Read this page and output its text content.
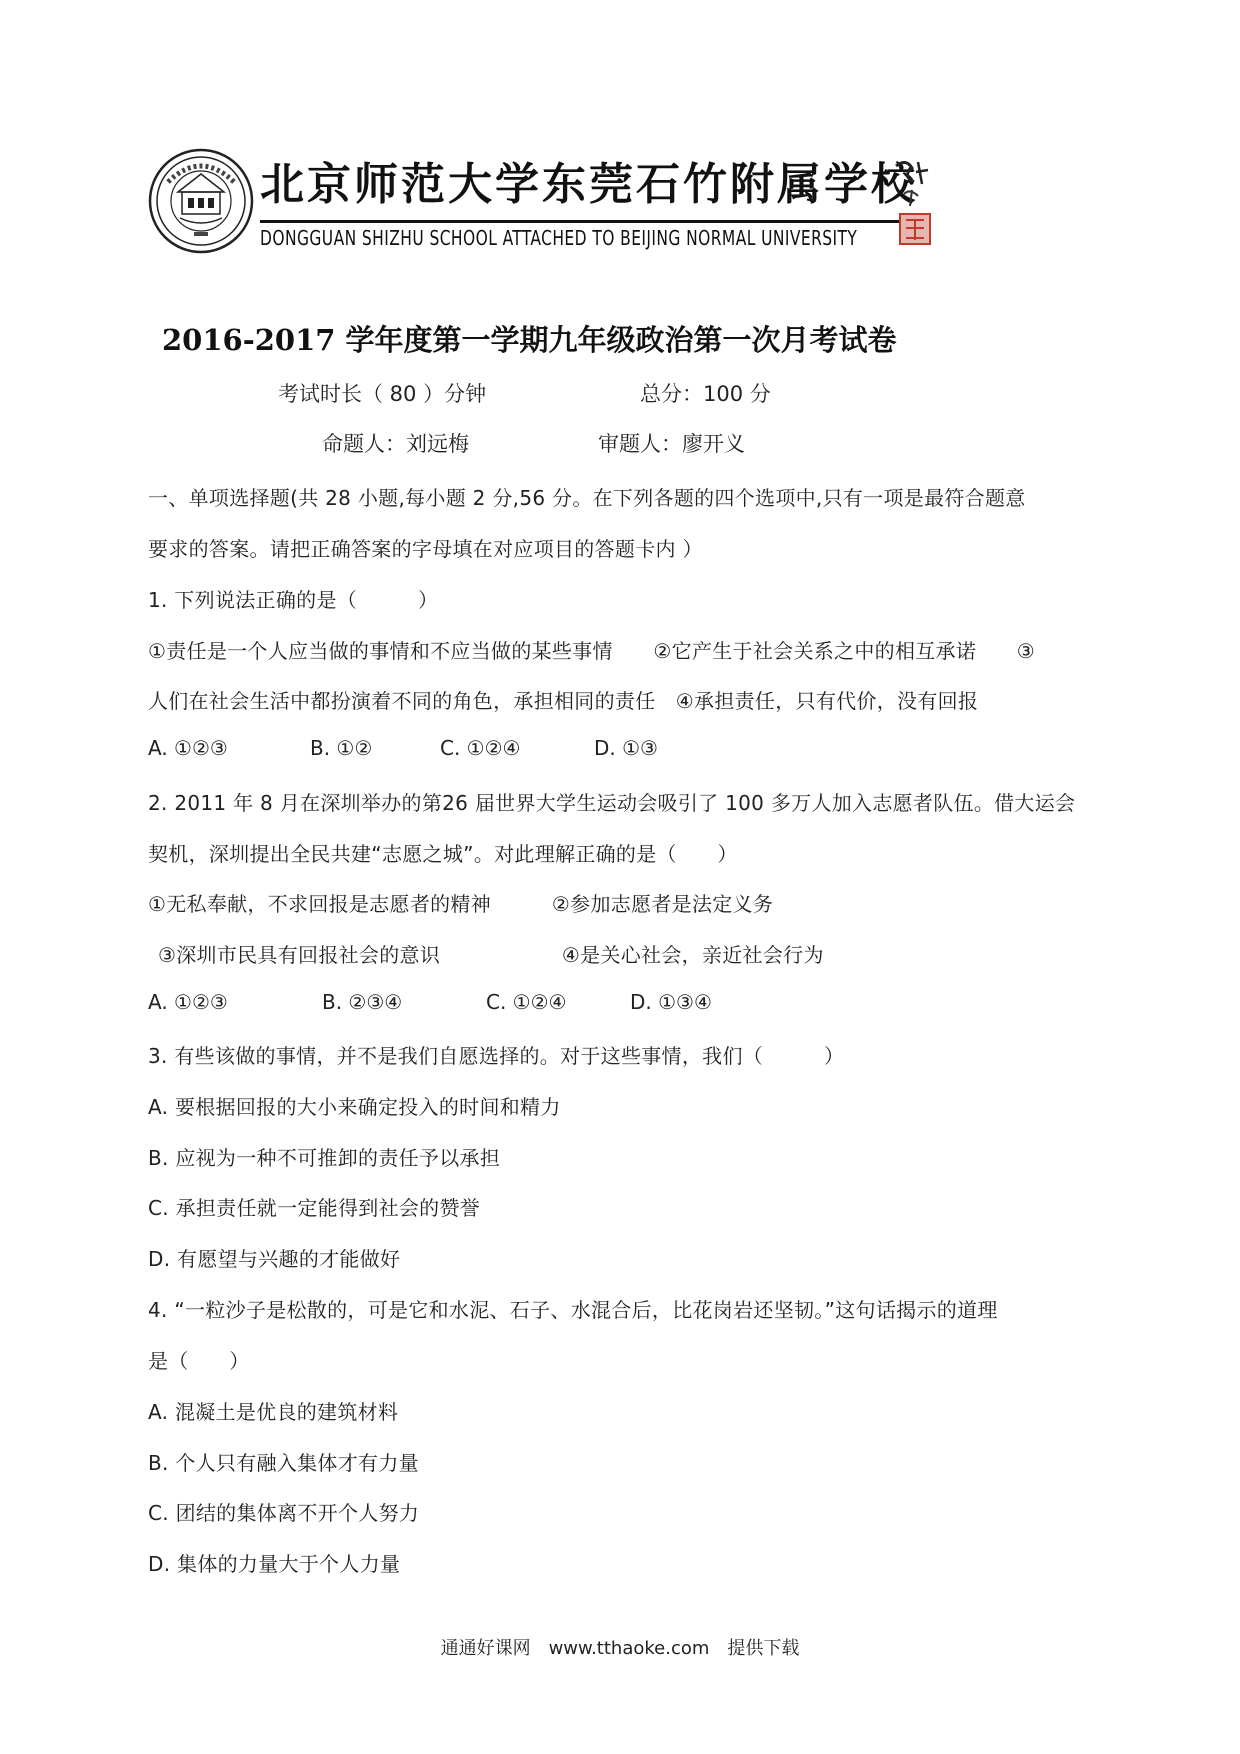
北京师范大学东莞石竹附属学校
DONGGUAN SHIZHU SCHOOL ATTACHED TO BEIJING NORMAL UNIVERSITY
2016-2017 学年度第一学期九年级政治第一次月考试卷
考试时长（ 80 ）分钟	总分：100 分
命题人：刘远梅	审题人：廖开义
一、单项选择题(共 28 小题,每小题 2 分,56 分。在下列各题的四个选项中,只有一项是最符合题意
要求的答案。请把正确答案的字母填在对应项目的答题卡内 ）
1. 下列说法正确的是（　　　）
①责任是一个人应当做的事情和不应当做的某些事情　　②它产生于社会关系之中的相互承诺　　③
人们在社会生活中都扮演着不同的角色，承担相同的责任　④承担责任，只有代价，没有回报
A. ①②③	B. ①②	C. ①②④	D. ①③
2. 2011 年 8 月在深圳举办的第26 届世界大学生运动会吸引了 100 多万人加入志愿者队伍。借大运会
契机，深圳提出全民共建“志愿之城”。对此理解正确的是（　　）
①无私奉献，不求回报是志愿者的精神　　　②参加志愿者是法定义务
③深圳市民具有回报社会的意识　　　　　　④是关心社会，亲近社会行为
A. ①②③	B. ②③④	C. ①②④	D. ①③④
3. 有些该做的事情，并不是我们自愿选择的。对于这些事情，我们（　　　）
A. 要根据回报的大小来确定投入的时间和精力
B. 应视为一种不可推卸的责任予以承担
C. 承担责任就一定能得到社会的赞誉
D. 有愿望与兴趣的才能做好
4. “一粒沙子是松散的，可是它和水泥、石子、水混合后，比花岗岩还坚韧。”这句话揭示的道理
是（　　）
A. 混凝土是优良的建筑材料
B. 个人只有融入集体才有力量
C. 团结的集体离不开个人努力
D. 集体的力量大于个人力量
通通好课网　www.tthaoke.com　提供下载
